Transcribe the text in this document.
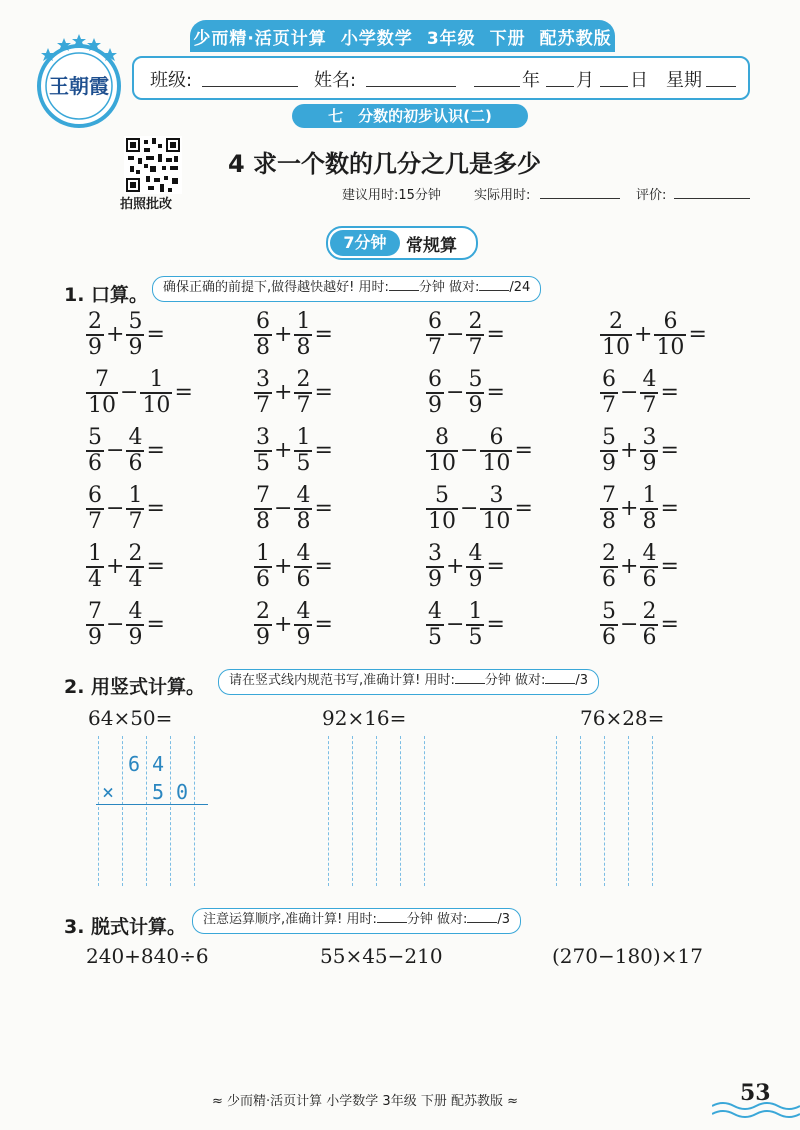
少而精·活页计算 小学数学 3年级 下册 配苏教版
王朝霞 班级:	姓名:	年 月 日 星期
七　分数的初步认识(二)
拍照批改
4 求一个数的几分之几是多少
建议用时:15分钟	实际用时:	评价:
7分钟	常规算
1. 口算。	确保正确的前提下,做得越快越好! 用时: 分钟 做对: /24
$\frac{2}{9} + \frac{5}{9}$ =	$\frac{6}{8} + \frac{1}{8}$ =	$\frac{6}{7} - \frac{2}{7}$ =	$\frac{2}{10} + \frac{6}{10}$ =
$\frac{7}{10} - \frac{1}{10}$ =	$\frac{3}{7} + \frac{2}{7}$ =	$\frac{6}{9} - \frac{5}{9}$ =	$\frac{6}{7} - \frac{4}{7}$ =
$\frac{5}{6} - \frac{4}{6}$ =	$\frac{3}{5} + \frac{1}{5}$ =	$\frac{8}{10} - \frac{6}{10}$ =	$\frac{5}{9} + \frac{3}{9}$ =
$\frac{6}{7} - \frac{1}{7}$ =	$\frac{7}{8} - \frac{4}{8}$ =	$\frac{5}{10} - \frac{3}{10}$ =	$\frac{7}{8} + \frac{1}{8}$ =
$\frac{1}{4} + \frac{2}{4}$ =	$\frac{1}{6} + \frac{4}{6}$ =	$\frac{3}{9} + \frac{4}{9}$ =	$\frac{2}{6} + \frac{4}{6}$ =
$\frac{7}{9} - \frac{4}{9}$ =	$\frac{2}{9} + \frac{4}{9}$ =	$\frac{4}{5} - \frac{1}{5}$ =	$\frac{5}{6} - \frac{2}{6}$ =
2. 用竖式计算。	请在竖式线内规范书写,准确计算! 用时: 分钟 做对: /3
64×50=	92×16=	76×28=
64
× 50
3. 脱式计算。	注意运算顺序,准确计算! 用时: 分钟 做对: /3
240+840÷6	55×45−210	(270−180)×17
≈ 少而精·活页计算 小学数学 3年级 下册 配苏教版 ≈	53
